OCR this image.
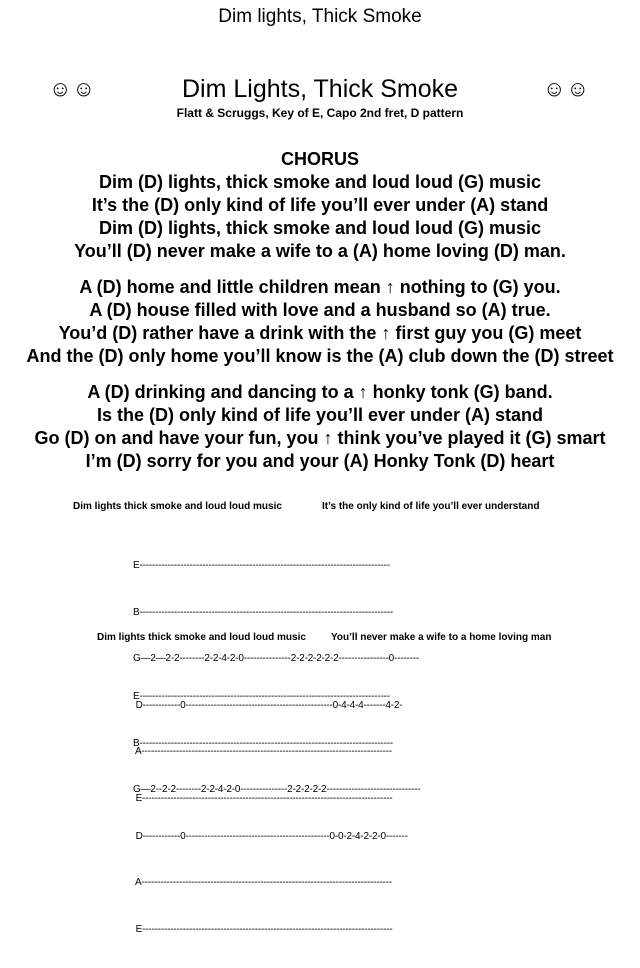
Dim lights, Thick Smoke
☺☺	Dim Lights, Thick Smoke	☺☺
Flatt & Scruggs, Key of E, Capo 2nd fret, D pattern
CHORUS
Dim (D) lights, thick smoke and loud loud (G) music
It’s the (D) only kind of life you’ll ever under (A) stand
Dim (D) lights, thick smoke and loud loud (G) music
You’ll (D) never make a wife to a (A) home loving (D) man.
A (D) home and little children mean ↑ nothing to (G) you.
A (D) house filled with love and a husband so (A) true.
You’d (D) rather have a drink with the ↑ first guy you (G) meet
And the (D) only home you’ll know is the (A) club down the (D) street
A (D) drinking and dancing to a ↑ honky tonk (G) band.
Is the (D) only kind of life you’ll ever under (A) stand
Go (D) on and have your fun, you ↑ think you’ve played it (G) smart
I’m (D) sorry for you and your (A) Honky Tonk (D) heart
Dim lights thick smoke and loud loud music	It’s the only kind of life you’ll ever understand

E--------------------------------------------------------------------------------

B---------------------------------------------------------------------------------

G—2—2-2--------2-2-4-2-0---------------2-2-2-2-2-2----------------0--------

D------------0-----------------------------------------------0-4-4-4-------4-2-

A--------------------------------------------------------------------------------

E--------------------------------------------------------------------------------

Dim lights thick smoke and loud loud music	You’ll never make a wife to a home loving man

E--------------------------------------------------------------------------------

B---------------------------------------------------------------------------------

G—2--2-2--------2-2-4-2-0---------------2-2-2-2-2------------------------------

D------------0----------------------------------------------0-0-2-4-2-2-0-------

A--------------------------------------------------------------------------------

E--------------------------------------------------------------------------------
